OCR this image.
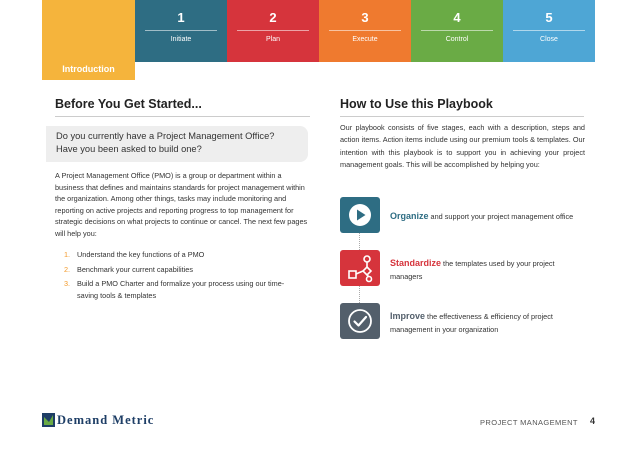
Introduction
1
Initiate
2
Plan
3
Execute
4
Control
5
Close
Before You Get Started...

Do you currently have a Project Management Office?

Have you been asked to build one?

A Project Management Office (PMO) is a group or department within a business that defines and maintains standards for project management within the organization. Among other things, tasks may include monitoring and reporting on active projects and reporting progress to top management for strategic decisions on what projects to continue or cancel. The next few pages will help you:

1. Understand the key functions of a PMO
2. Benchmark your current capabilities
3. Build a PMO Charter and formalize your process using our time-saving tools & templates
How to Use this Playbook

Our playbook consists of five stages, each with a description, steps and action items. Action items include using our premium tools & templates. Our intention with this playbook is to support you in achieving your project management goals. This will be accomplished by helping you:

Organize and support your project management office

Standardize the templates used by your project managers

Improve the effectiveness & efficiency of project management in your organization

Demand Metric	PROJECT MANAGEMENT 4
